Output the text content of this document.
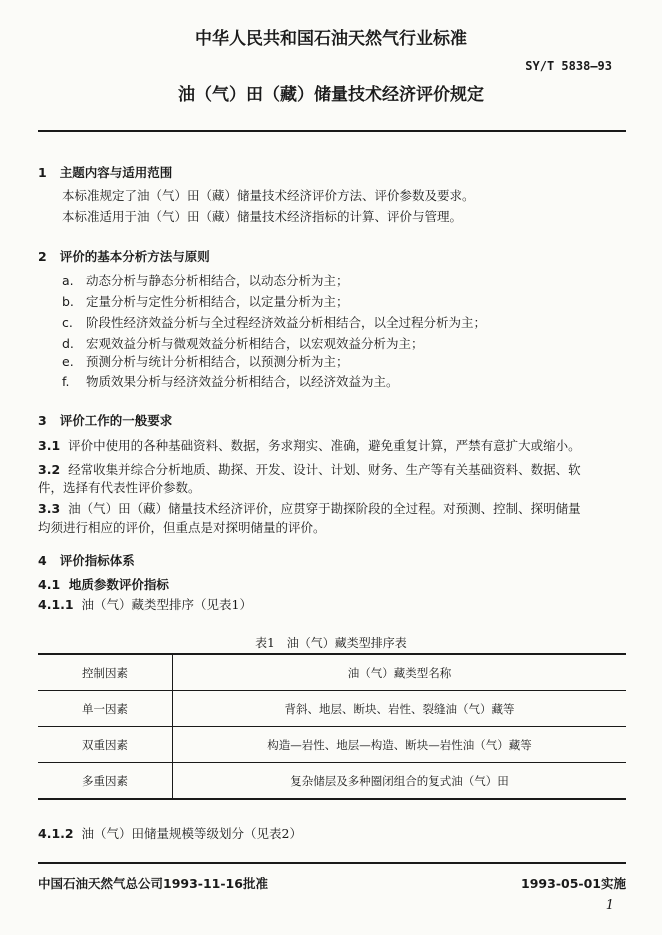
中华人民共和国石油天然气行业标准
SY/T 5838—93
油（气）田（藏）储量技术经济评价规定
1 主题内容与适用范围
本标准规定了油（气）田（藏）储量技术经济评价方法、评价参数及要求。
本标准适用于油（气）田（藏）储量技术经济指标的计算、评价与管理。
2 评价的基本分析方法与原则
a. 动态分析与静态分析相结合，以动态分析为主；
b. 定量分析与定性分析相结合，以定量分析为主；
c. 阶段性经济效益分析与全过程经济效益分析相结合，以全过程分析为主；
d. 宏观效益分析与微观效益分析相结合，以宏观效益分析为主；
e. 预测分析与统计分析相结合，以预测分析为主；
f. 物质效果分析与经济效益分析相结合，以经济效益为主。
3 评价工作的一般要求
3.1 评价中使用的各种基础资料、数据，务求翔实、准确，避免重复计算，严禁有意扩大或缩小。
3.2 经常收集并综合分析地质、勘探、开发、设计、计划、财务、生产等有关基础资料、数据、软
件，选择有代表性评价参数。
3.3 油（气）田（藏）储量技术经济评价，应贯穿于勘探阶段的全过程。对预测、控制、探明储量
均须进行相应的评价，但重点是对探明储量的评价。
4 评价指标体系
4.1 地质参数评价指标
4.1.1 油（气）藏类型排序（见表1）
表1　油（气）藏类型排序表
控制因素	油（气）藏类型名称
单一因素	背斜、地层、断块、岩性、裂缝油（气）藏等
双重因素	构造—岩性、地层—构造、断块—岩性油（气）藏等
多重因素	复杂储层及多种圈闭组合的复式油（气）田
4.1.2 油（气）田储量规模等级划分（见表2）
中国石油天然气总公司1993-11-16批准	1993-05-01实施
1
